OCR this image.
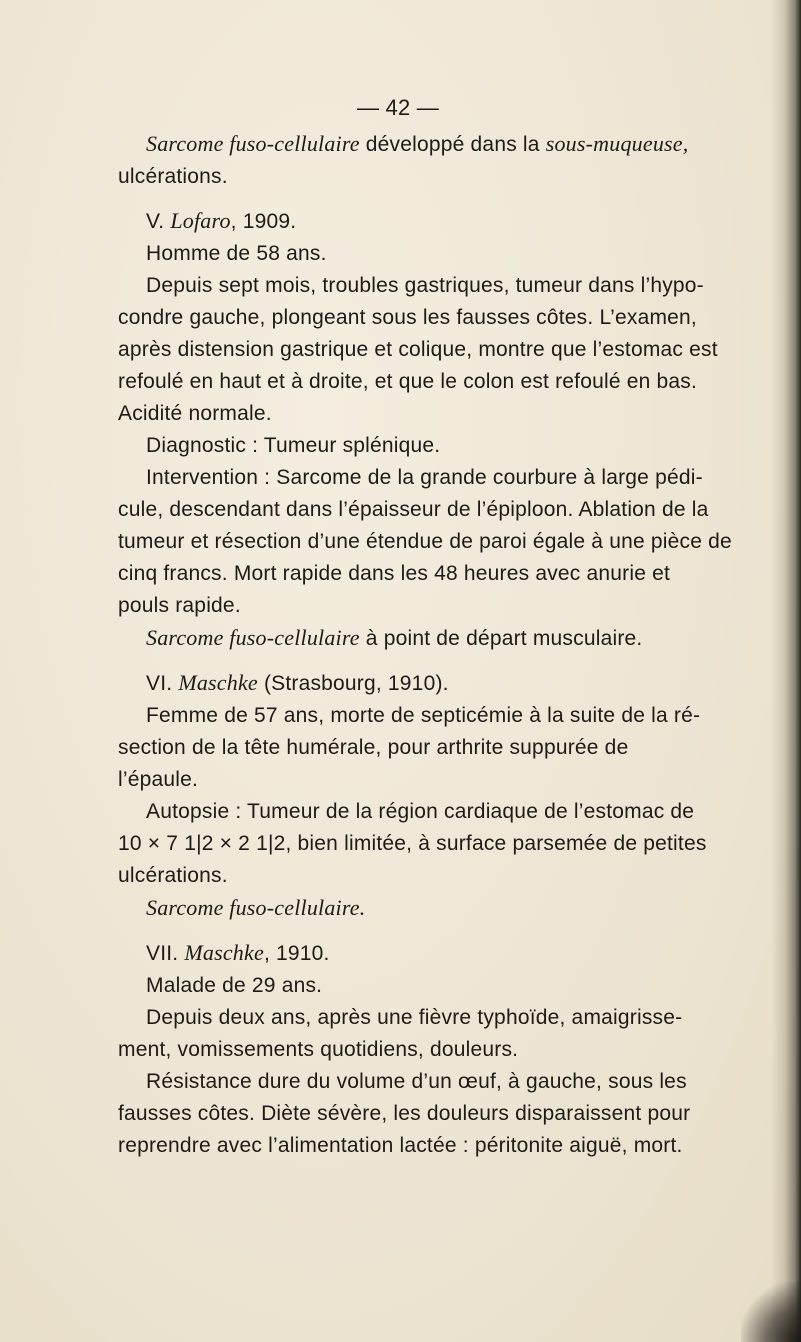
— 42 —

Sarcome fuso-cellulaire développé dans la sous-muqueuse,

ulcérations.

V. Lofaro, 1909.

Homme de 58 ans.

Depuis sept mois, troubles gastriques, tumeur dans l’hypo-

condre gauche, plongeant sous les fausses côtes. L’examen,

après distension gastrique et colique, montre que l’estomac est

refoulé en haut et à droite, et que le colon est refoulé en bas.

Acidité normale.

Diagnostic : Tumeur splénique.

Intervention : Sarcome de la grande courbure à large pédi-

cule, descendant dans l’épaisseur de l’épiploon. Ablation de la

tumeur et résection d’une étendue de paroi égale à une pièce de

cinq francs. Mort rapide dans les 48 heures avec anurie et

pouls rapide.

Sarcome fuso-cellulaire à point de départ musculaire.

VI. Maschke (Strasbourg, 1910).

Femme de 57 ans, morte de septicémie à la suite de la ré-

section de la tête humérale, pour arthrite suppurée de

l’épaule.

Autopsie : Tumeur de la région cardiaque de l’estomac de

10 × 7 1|2 × 2 1|2, bien limitée, à surface parsemée de petites

ulcérations.

Sarcome fuso-cellulaire.

VII. Maschke, 1910.

Malade de 29 ans.

Depuis deux ans, après une fièvre typhoïde, amaigrisse-

ment, vomissements quotidiens, douleurs.

Résistance dure du volume d’un œuf, à gauche, sous les

fausses côtes. Diète sévère, les douleurs disparaissent pour

reprendre avec l’alimentation lactée : péritonite aiguë, mort.
